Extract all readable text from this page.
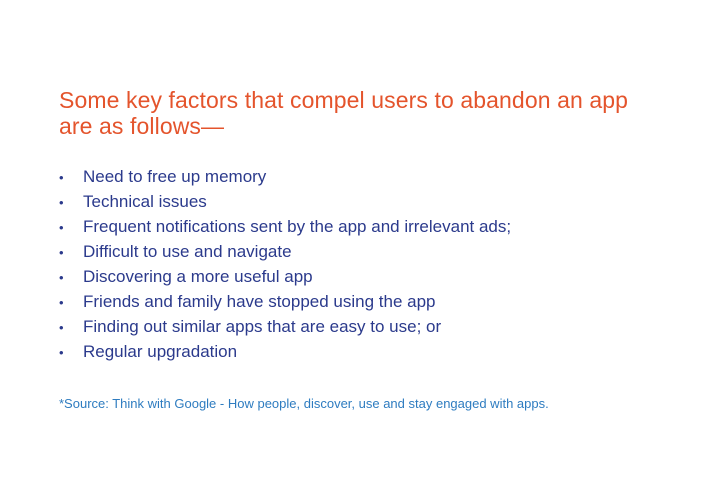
Some key factors that compel users to abandon an app are as follows—
• Need to free up memory
• Technical issues
• Frequent notifications sent by the app and irrelevant ads;
• Difficult to use and navigate
• Discovering a more useful app
• Friends and family have stopped using the app
• Finding out similar apps that are easy to use; or
• Regular upgradation

*Source: Think with Google - How people, discover, use and stay engaged with apps.
